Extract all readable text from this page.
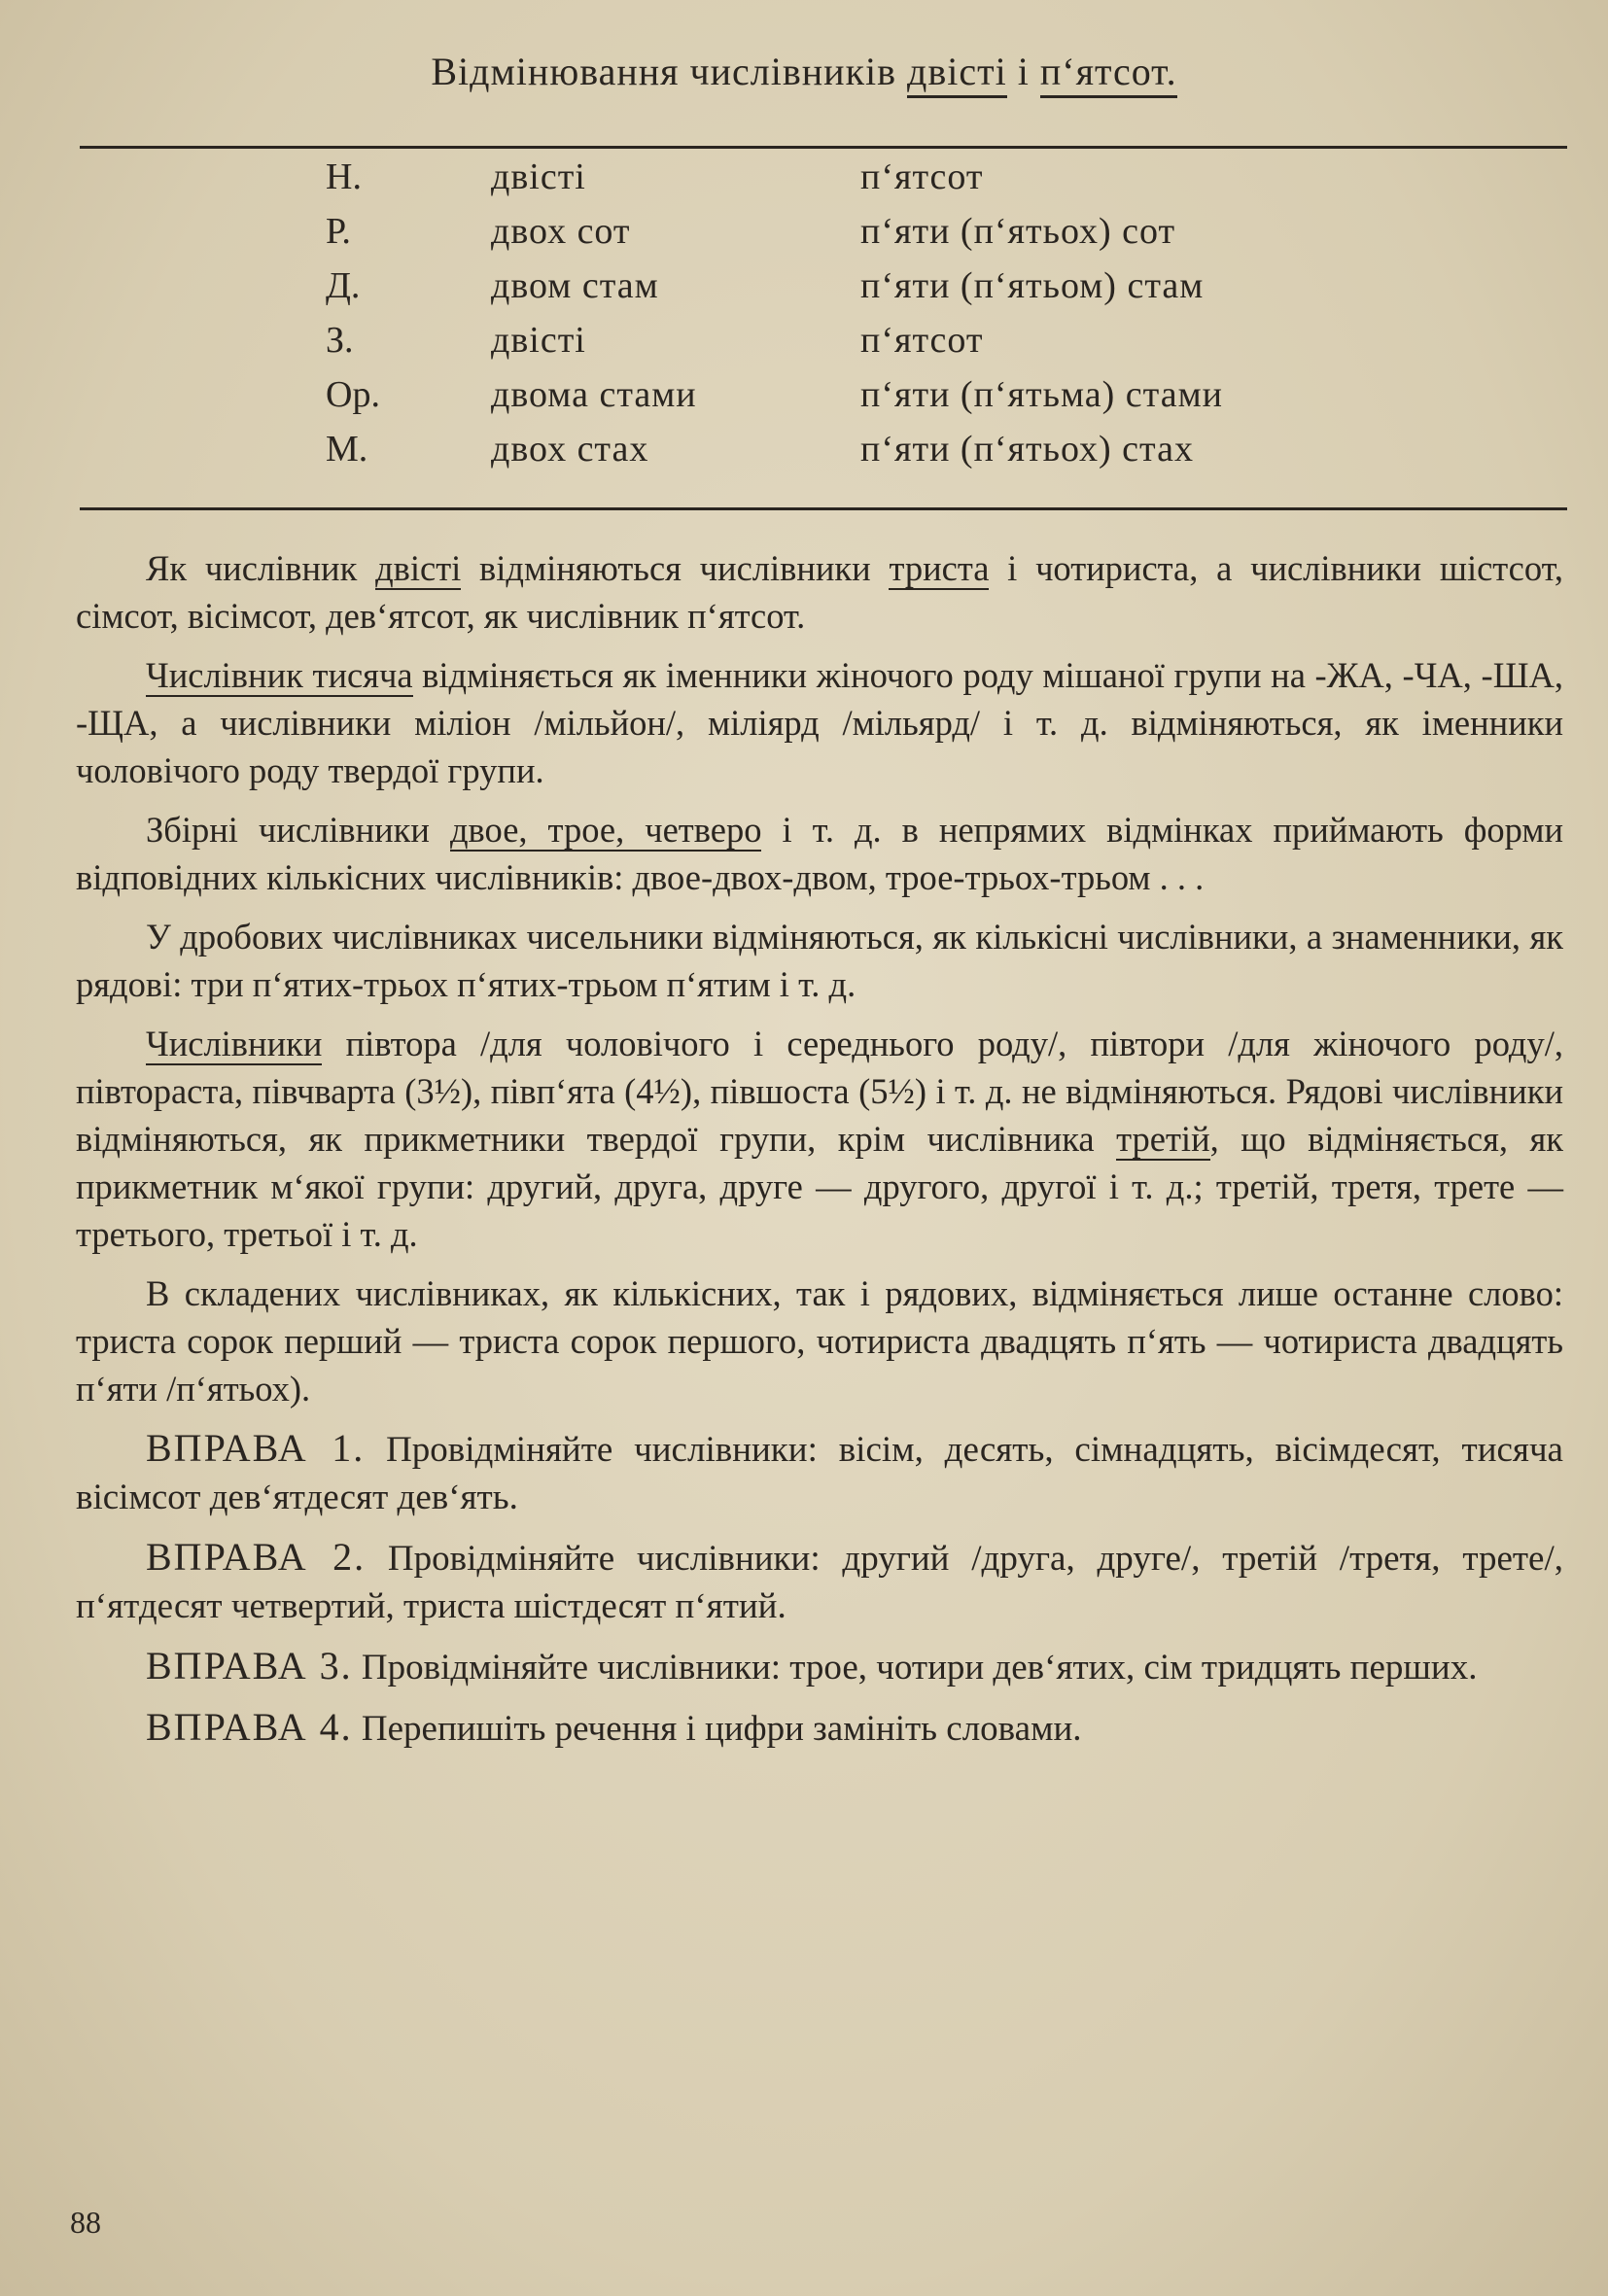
Відмінювання числівників двісті і п‘ятсот.
Н.	двісті	п‘ятсот
Р.	двох сот	п‘яти (п‘ятьох) сот
Д.	двом стам	п‘яти (п‘ятьом) стам
З.	двісті	п‘ятсот
Ор.	двома стами	п‘яти (п‘ятьма) стами
М.	двох стах	п‘яти (п‘ятьох) стах

Як числівник двісті відміняються числівники триста і чотириста, а числівники шістсот, сімсот, вісімсот, дев‘ятсот, як числівник п‘ятсот.

Числівник тисяча відміняється як іменники жіночого роду мішаної групи на -ЖА, -ЧА, -ША, -ЩА, а числівники міліон /мільйон/, міліярд /мільярд/ і т. д. відміняються, як іменники чоловічого роду твердої групи.

Збірні числівники двое, трое, четверо і т. д. в непрямих відмінках приймають форми відповідних кількісних числівників: двое-двох-двом, трое-трьох-трьом . . .

У дробових числівниках чисельники відміняються, як кількісні числівники, а знаменники, як рядові: три п‘ятих-трьох п‘ятих-трьом п‘ятим і т. д.

Числівники півтора /для чоловічого і середнього роду/, півтори /для жіночого роду/, півтораста, півчварта (3½), півп‘ята (4½), півшоста (5½) і т. д. не відміняються. Рядові числівники відміняються, як прикметники твердої групи, крім числівника третій, що відміняється, як прикметник м‘якої групи: другий, друга, друге — другого, другої і т. д.; третій, третя, трете — третього, третьої і т. д.

В складених числівниках, як кількісних, так і рядових, відміняється лише останне слово: триста сорок перший — триста сорок першого, чотириста двадцять п‘ять — чотириста двадцять п‘яти /п‘ятьох).

ВПРАВА 1. Провідміняйте числівники: вісім, десять, сімнадцять, вісімдесят, тисяча вісімсот дев‘ятдесят дев‘ять.

ВПРАВА 2. Провідміняйте числівники: другий /друга, друге/, третій /третя, трете/, п‘ятдесят четвертий, триста шістдесят п‘ятий.

ВПРАВА 3. Провідміняйте числівники: трое, чотири дев‘ятих, сім тридцять перших.

ВПРАВА 4. Перепишіть речення і цифри замініть словами.

88
